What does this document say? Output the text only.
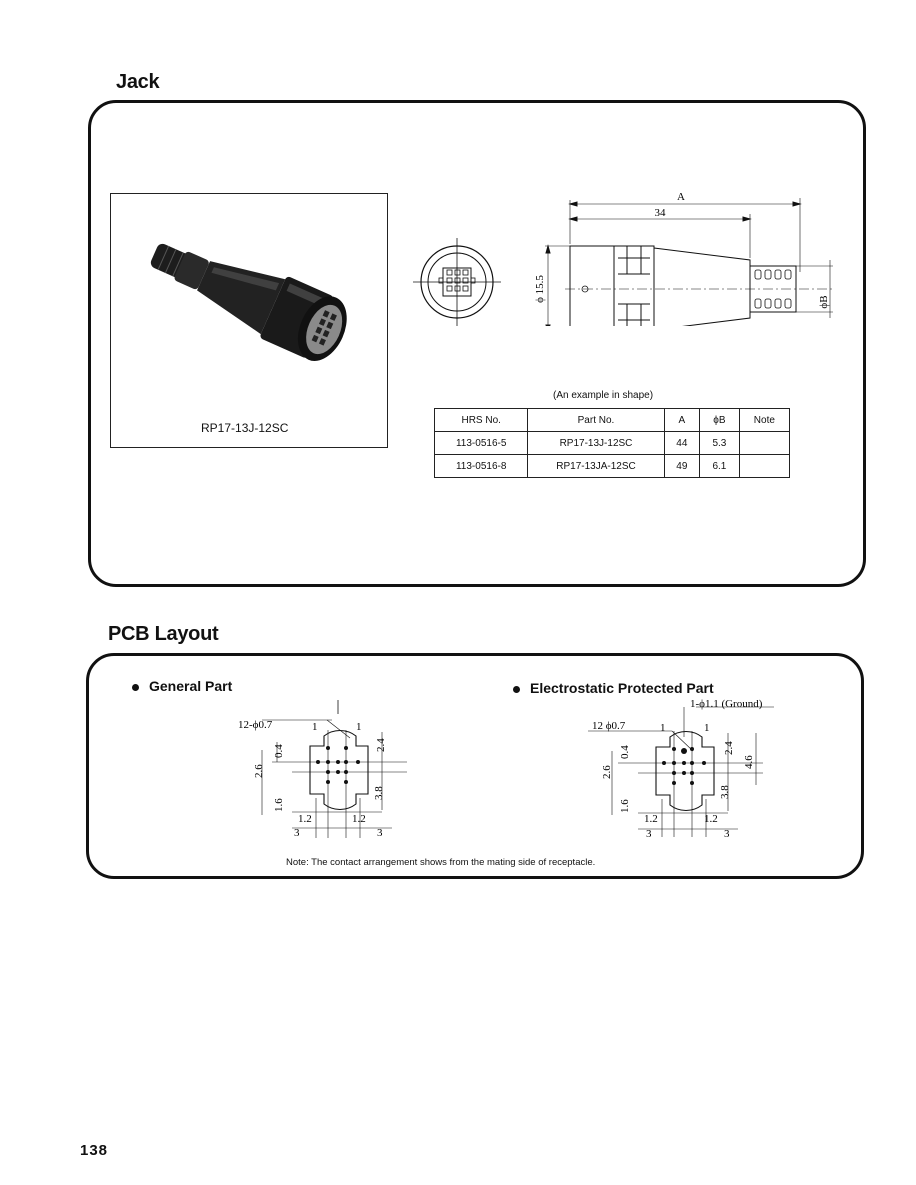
Jack
RP17-13J-12SC
A
34
ϕ 15.5	ϕB
(An example in shape)
HRS No.	Part No.	A	ϕB	Note
113-0516-5	RP17-13J-12SC	44	5.3	
113-0516-8	RP17-13JA-12SC	49	6.1	
PCB Layout
General Part	Electrostatic Protected Part
12-ϕ0.7	1	1
2.4
0.4
2.6
3.8
1.6
1.2	1.2
3	3
1-ϕ1.1 (Ground)
12 ϕ0.7	1	1
2.4
4.6
0.4
2.6
3.8
1.6
1.2	1.2
3	3
Note: The contact arrangement shows from the mating side of receptacle.
138
